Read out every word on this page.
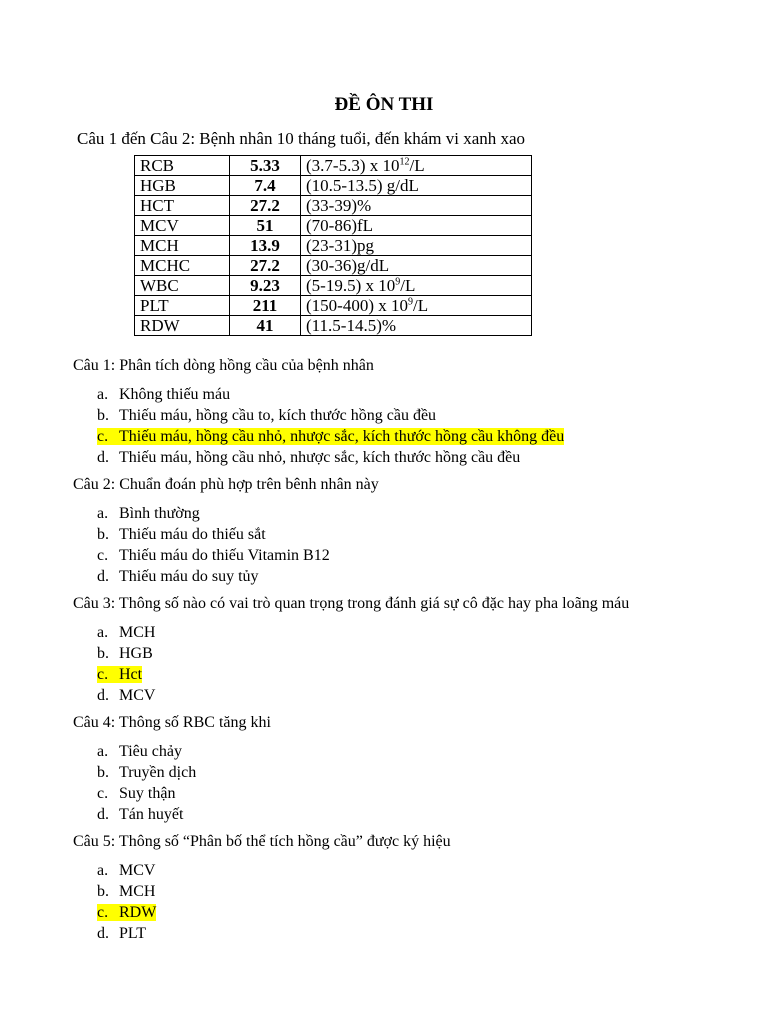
ĐỀ ÔN THI
Câu 1 đến Câu 2: Bệnh nhân 10 tháng tuổi, đến khám vi xanh xao
RCB	5.33	(3.7-5.3) x $10^{12}/L$
HGB	7.4	(10.5-13.5) g/dL
HCT	27.2	(33-39)%
MCV	51	(70-86)fL
MCH	13.9	(23-31)pg
MCHC	27.2	(30-36)g/dL
WBC	9.23	(5-19.5) x $10^9/L$
PLT	211	(150-400) x $10^9/L$
RDW	41	(11.5-14.5)%
Câu 1: Phân tích dòng hồng cầu của bệnh nhân
a. Không thiếu máu
b. Thiếu máu, hồng cầu to, kích thước hồng cầu đều
c. Thiếu máu, hồng cầu nhỏ, nhược sắc, kích thước hồng cầu không đều
d. Thiếu máu, hồng cầu nhỏ, nhược sắc, kích thước hồng cầu đều
Câu 2: Chuẩn đoán phù hợp trên bênh nhân này
a. Bình thường
b. Thiếu máu do thiếu sắt
c. Thiếu máu do thiếu Vitamin B12
d. Thiếu máu do suy tủy
Câu 3: Thông số nào có vai trò quan trọng trong đánh giá sự cô đặc hay pha loãng máu
a. MCH
b. HGB
c. Hct
d. MCV
Câu 4: Thông số RBC tăng khi
a. Tiêu chảy
b. Truyền dịch
c. Suy thận
d. Tán huyết
Câu 5: Thông số “Phân bố thể tích hồng cầu” được ký hiệu
a. MCV
b. MCH
c. RDW
d. PLT
